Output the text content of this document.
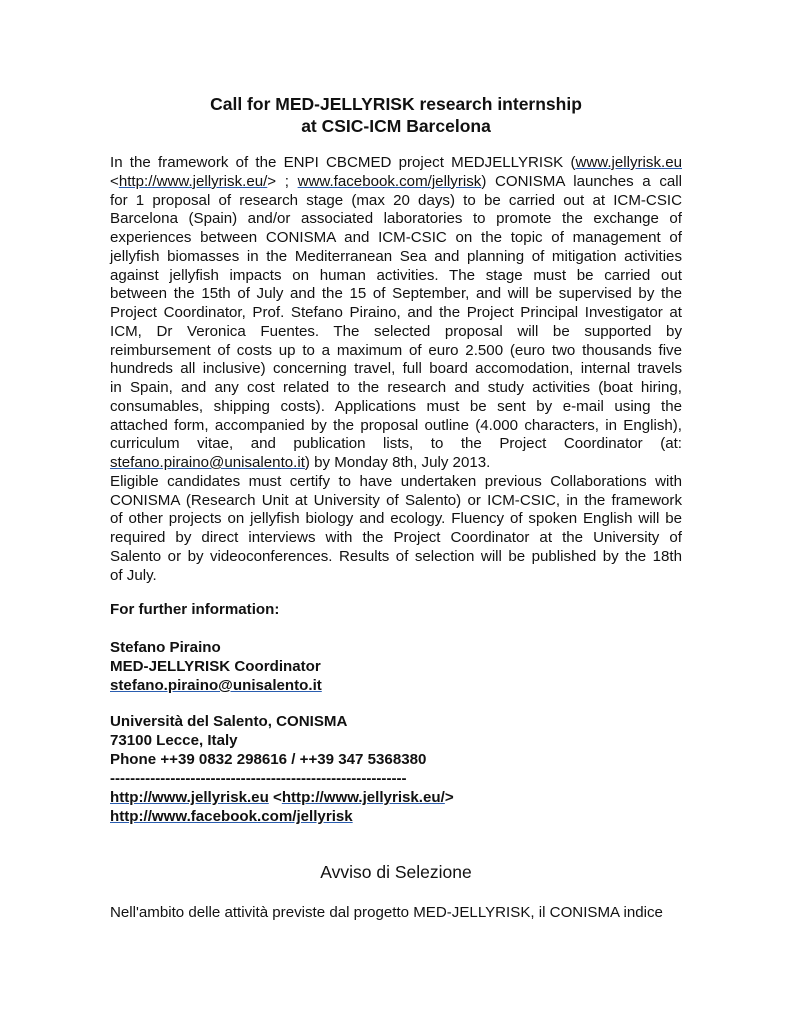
Call for MED-JELLYRISK research internship
at CSIC-ICM Barcelona
In the framework of the ENPI CBCMED project MEDJELLYRISK (www.jellyrisk.eu
<http://www.jellyrisk.eu/> ; www.facebook.com/jellyrisk) CONISMA launches a call
for 1 proposal of research stage (max 20 days) to be carried out at ICM-CSIC
Barcelona (Spain) and/or associated laboratories to promote the exchange of
experiences between CONISMA and ICM-CSIC on the topic of management of
jellyfish biomasses in the Mediterranean Sea and planning of mitigation activities
against jellyfish impacts on human activities. The stage must be carried out
between the 15th of July and the 15 of September, and will be supervised by the
Project Coordinator, Prof. Stefano Piraino, and the Project Principal Investigator at
ICM, Dr Veronica Fuentes. The selected proposal will be supported by
reimbursement of costs up to a maximum of euro 2.500 (euro two thousands five
hundreds all inclusive) concerning travel, full board accomodation, internal travels
in Spain, and any cost related to the research and study activities (boat hiring,
consumables, shipping costs). Applications must be sent by e-mail using the
attached form, accompanied by the proposal outline (4.000 characters, in English),
curriculum vitae, and publication lists, to the Project Coordinator (at:
stefano.piraino@unisalento.it) by Monday 8th, July 2013.
Eligible candidates must certify to have undertaken previous Collaborations with
CONISMA (Research Unit at University of Salento) or ICM-CSIC, in the framework
of other projects on jellyfish biology and ecology. Fluency of spoken English will be
required by direct interviews with the Project Coordinator at the University of
Salento or by videoconferences. Results of selection will be published by the 18th
of July.
For further information:
Stefano Piraino
MED-JELLYRISK Coordinator
stefano.piraino@unisalento.it
Università del Salento, CONISMA
73100 Lecce, Italy
Phone ++39 0832 298616 / ++39 347 5368380
-----------------------------------------------------------
http://www.jellyrisk.eu <http://www.jellyrisk.eu/>
http://www.facebook.com/jellyrisk
Avviso di Selezione
Nell'ambito delle attività previste dal progetto MED-JELLYRISK, il CONISMA indice
